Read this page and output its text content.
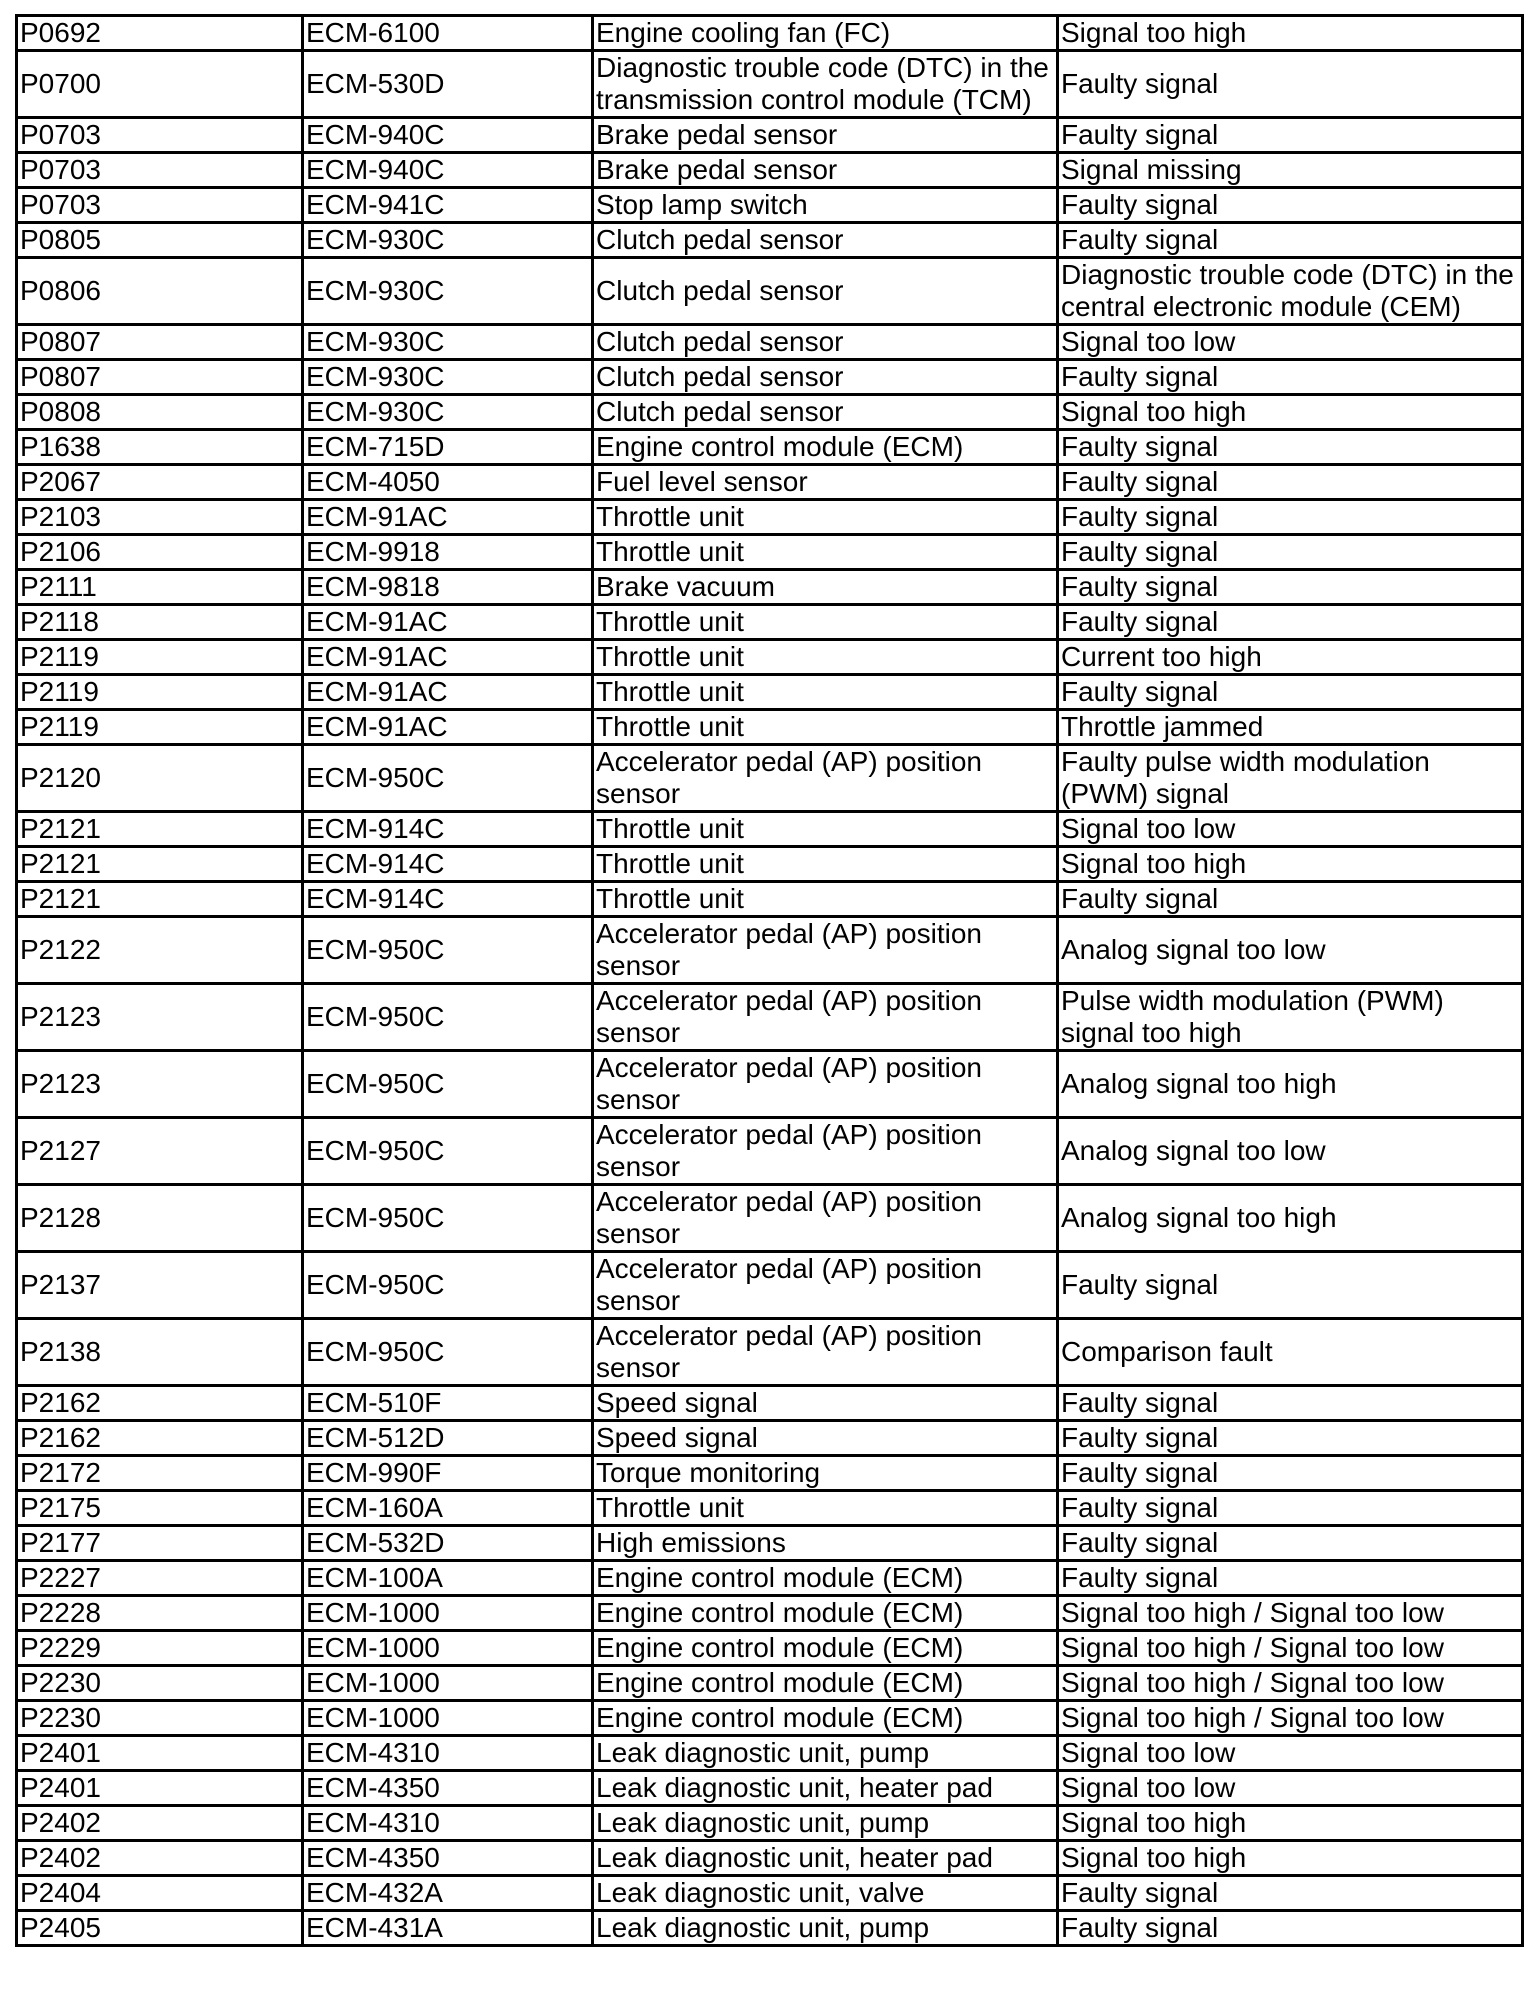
P0692	ECM-6100	Engine cooling fan (FC)	Signal too high
P0700	ECM-530D	Diagnostic trouble code (DTC) in the transmission control module (TCM)	Faulty signal
P0703	ECM-940C	Brake pedal sensor	Faulty signal
P0703	ECM-940C	Brake pedal sensor	Signal missing
P0703	ECM-941C	Stop lamp switch	Faulty signal
P0805	ECM-930C	Clutch pedal sensor	Faulty signal
P0806	ECM-930C	Clutch pedal sensor	Diagnostic trouble code (DTC) in the central electronic module (CEM)
P0807	ECM-930C	Clutch pedal sensor	Signal too low
P0807	ECM-930C	Clutch pedal sensor	Faulty signal
P0808	ECM-930C	Clutch pedal sensor	Signal too high
P1638	ECM-715D	Engine control module (ECM)	Faulty signal
P2067	ECM-4050	Fuel level sensor	Faulty signal
P2103	ECM-91AC	Throttle unit	Faulty signal
P2106	ECM-9918	Throttle unit	Faulty signal
P2111	ECM-9818	Brake vacuum	Faulty signal
P2118	ECM-91AC	Throttle unit	Faulty signal
P2119	ECM-91AC	Throttle unit	Current too high
P2119	ECM-91AC	Throttle unit	Faulty signal
P2119	ECM-91AC	Throttle unit	Throttle jammed
P2120	ECM-950C	Accelerator pedal (AP) position sensor	Faulty pulse width modulation (PWM) signal
P2121	ECM-914C	Throttle unit	Signal too low
P2121	ECM-914C	Throttle unit	Signal too high
P2121	ECM-914C	Throttle unit	Faulty signal
P2122	ECM-950C	Accelerator pedal (AP) position sensor	Analog signal too low
P2123	ECM-950C	Accelerator pedal (AP) position sensor	Pulse width modulation (PWM) signal too high
P2123	ECM-950C	Accelerator pedal (AP) position sensor	Analog signal too high
P2127	ECM-950C	Accelerator pedal (AP) position sensor	Analog signal too low
P2128	ECM-950C	Accelerator pedal (AP) position sensor	Analog signal too high
P2137	ECM-950C	Accelerator pedal (AP) position sensor	Faulty signal
P2138	ECM-950C	Accelerator pedal (AP) position sensor	Comparison fault
P2162	ECM-510F	Speed signal	Faulty signal
P2162	ECM-512D	Speed signal	Faulty signal
P2172	ECM-990F	Torque monitoring	Faulty signal
P2175	ECM-160A	Throttle unit	Faulty signal
P2177	ECM-532D	High emissions	Faulty signal
P2227	ECM-100A	Engine control module (ECM)	Faulty signal
P2228	ECM-1000	Engine control module (ECM)	Signal too high / Signal too low
P2229	ECM-1000	Engine control module (ECM)	Signal too high / Signal too low
P2230	ECM-1000	Engine control module (ECM)	Signal too high / Signal too low
P2230	ECM-1000	Engine control module (ECM)	Signal too high / Signal too low
P2401	ECM-4310	Leak diagnostic unit, pump	Signal too low
P2401	ECM-4350	Leak diagnostic unit, heater pad	Signal too low
P2402	ECM-4310	Leak diagnostic unit, pump	Signal too high
P2402	ECM-4350	Leak diagnostic unit, heater pad	Signal too high
P2404	ECM-432A	Leak diagnostic unit, valve	Faulty signal
P2405	ECM-431A	Leak diagnostic unit, pump	Faulty signal
